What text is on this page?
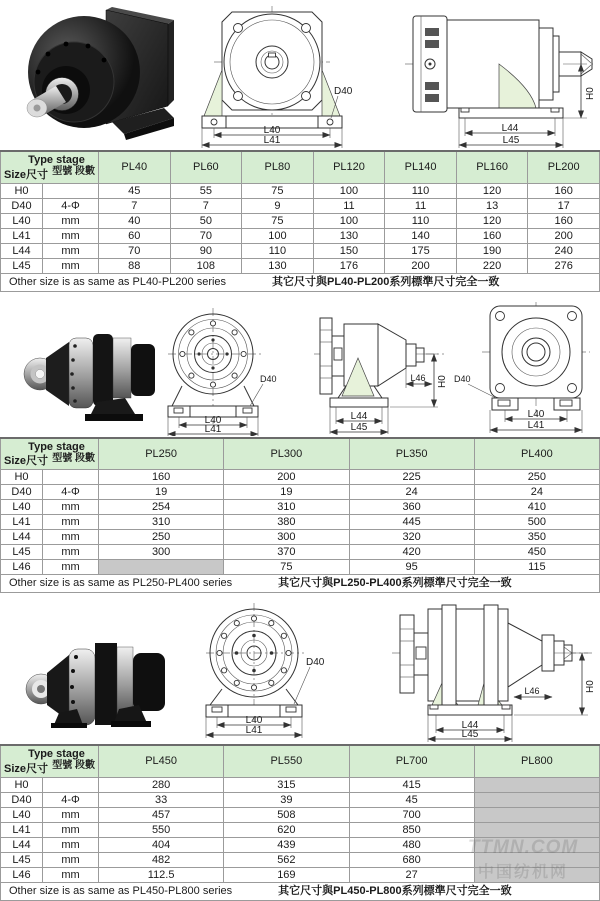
L40
L41
D40	H0
L44
L45
Type stage
型號 段數
Size尺寸		PL40	PL60	PL80	PL120	PL140	PL160	PL200
H0		45	55	75	100	110	120	160
D40	4-Φ	7	7	9	11	11	13	17
L40	mm	40	50	75	100	110	120	160
L41	mm	60	70	100	130	140	160	200
L44	mm	70	90	110	150	175	190	240
L45	mm	88	108	130	176	200	220	276
Other size is as same as PL40-PL200 series 其它尺寸與PL40-PL200系列標準尺寸完全一致								
L40
L41
D40	L46 H0
L44
L45
D40
L40
L41
Type stage
型號 段數
Size尺寸		PL250	PL300	PL350	PL400
H0		160	200	225	250
D40	4-Φ	19	19	24	24
L40	mm	254	310	360	410
L41	mm	310	380	445	500
L44	mm	250	300	320	350
L45	mm	300	370	420	450
L46	mm		75	95	115
Other size is as same as PL250-PL400 series 其它尺寸與PL250-PL400系列標準尺寸完全一致					
L40
L41
D40
L46	H0
L44
L45
Type stage
型號 段數
Size尺寸		PL450	PL550	PL700	PL800
H0		280	315	415	
D40	4-Φ	33	39	45	
L40	mm	457	508	700	
L41	mm	550	620	850	
L44	mm	404	439	480	
L45	mm	482	562	680	
L46	mm	112.5	169	27	
Other size is as same as PL450-PL800 series 其它尺寸與PL450-PL800系列標準尺寸完全一致					
TTMN.COM
中国纺机网
